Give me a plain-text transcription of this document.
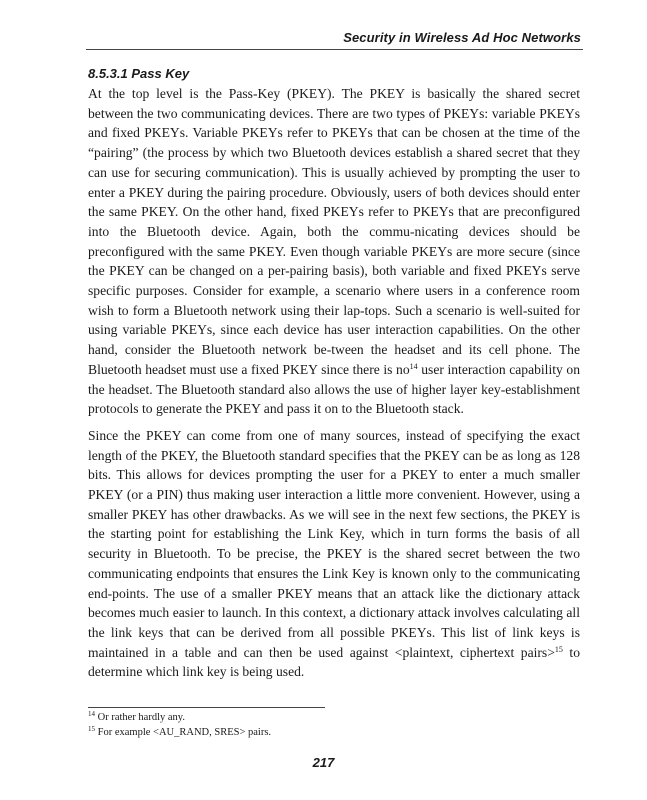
Security in Wireless Ad Hoc Networks
8.5.3.1 Pass Key

At the top level is the Pass-Key (PKEY). The PKEY is basically the shared secret between the two communicating devices. There are two types of PKEYs: variable PKEYs and fixed PKEYs. Variable PKEYs refer to PKEYs that can be chosen at the time of the “pairing” (the process by which two Bluetooth devices establish a shared secret that they can use for securing communication). This is usually achieved by prompting the user to enter a PKEY during the pairing procedure. Obviously, users of both devices should enter the same PKEY. On the other hand, fixed PKEYs refer to PKEYs that are preconfigured into the Bluetooth device. Again, both the commu-nicating devices should be preconfigured with the same PKEY. Even though variable PKEYs are more secure (since the PKEY can be changed on a per-pairing basis), both variable and fixed PKEYs serve specific purposes. Consider for example, a scenario where users in a conference room wish to form a Bluetooth network using their lap-tops. Such a scenario is well-suited for using variable PKEYs, since each device has user interaction capabilities. On the other hand, consider the Bluetooth network be-tween the headset and its cell phone. The Bluetooth headset must use a fixed PKEY since there is $no^{14}$ user interaction capability on the headset. The Bluetooth standard also allows the use of higher layer key-establishment protocols to generate the PKEY and pass it on to the Bluetooth stack.

Since the PKEY can come from one of many sources, instead of specifying the exact length of the PKEY, the Bluetooth standard specifies that the PKEY can be as long as 128 bits. This allows for devices prompting the user for a PKEY to enter a much smaller PKEY (or a PIN) thus making user interaction a little more convenient. However, using a smaller PKEY has other drawbacks. As we will see in the next few sections, the PKEY is the starting point for establishing the Link Key, which in turn forms the basis of all security in Bluetooth. To be precise, the PKEY is the shared secret between the two communicating endpoints that ensures the Link Key is known only to the communicating end-points. The use of a smaller PKEY means that an attack like the dictionary attack becomes much easier to launch. In this context, a dictionary attack involves calculating all the link keys that can be derived from all possible PKEYs. This list of link keys is maintained in a table and can then be used against <plaintext, ciphertext pairs>$^{15}$ to determine which link key is being used.

$^{14}$ Or rather hardly any.
$^{15}$ For example <AU_RAND, SRES> pairs.
217
